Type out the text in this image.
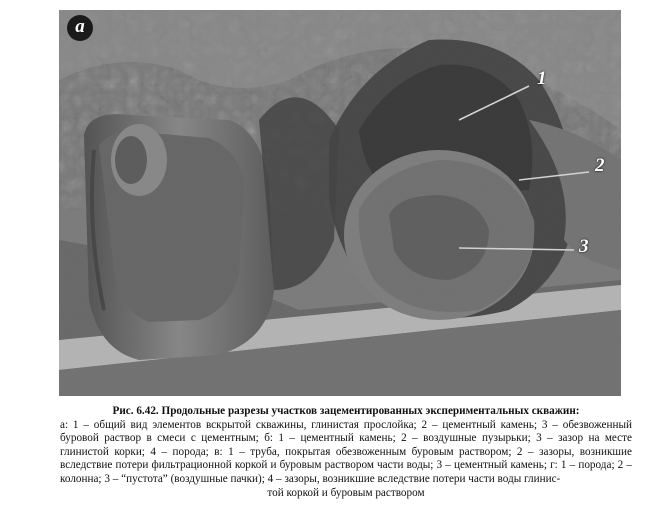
a
1
2
3
Рис. 6.42. Продольные разрезы участков зацементированных экспериментальных скважин:
а: 1 – общий вид элементов вскрытой скважины, глинистая прослойка; 2 – цементный камень; 3 – обезвоженный буровой раствор в смеси с цементным; б: 1 – цементный камень; 2 – воздушные пузырьки; 3 – зазор на месте глинистой корки; 4 – порода; в: 1 – труба, покрытая обезвоженным буровым раствором; 2 – зазоры, возникшие вследствие потери фильтрационной коркой и буровым раствором части воды; 3 – цементный камень; г: 1 – порода; 2 – колонна; 3 – “пустота” (воздушные пачки); 4 – зазоры, возникшие вследствие потери части воды глинис-
той коркой и буровым раствором
